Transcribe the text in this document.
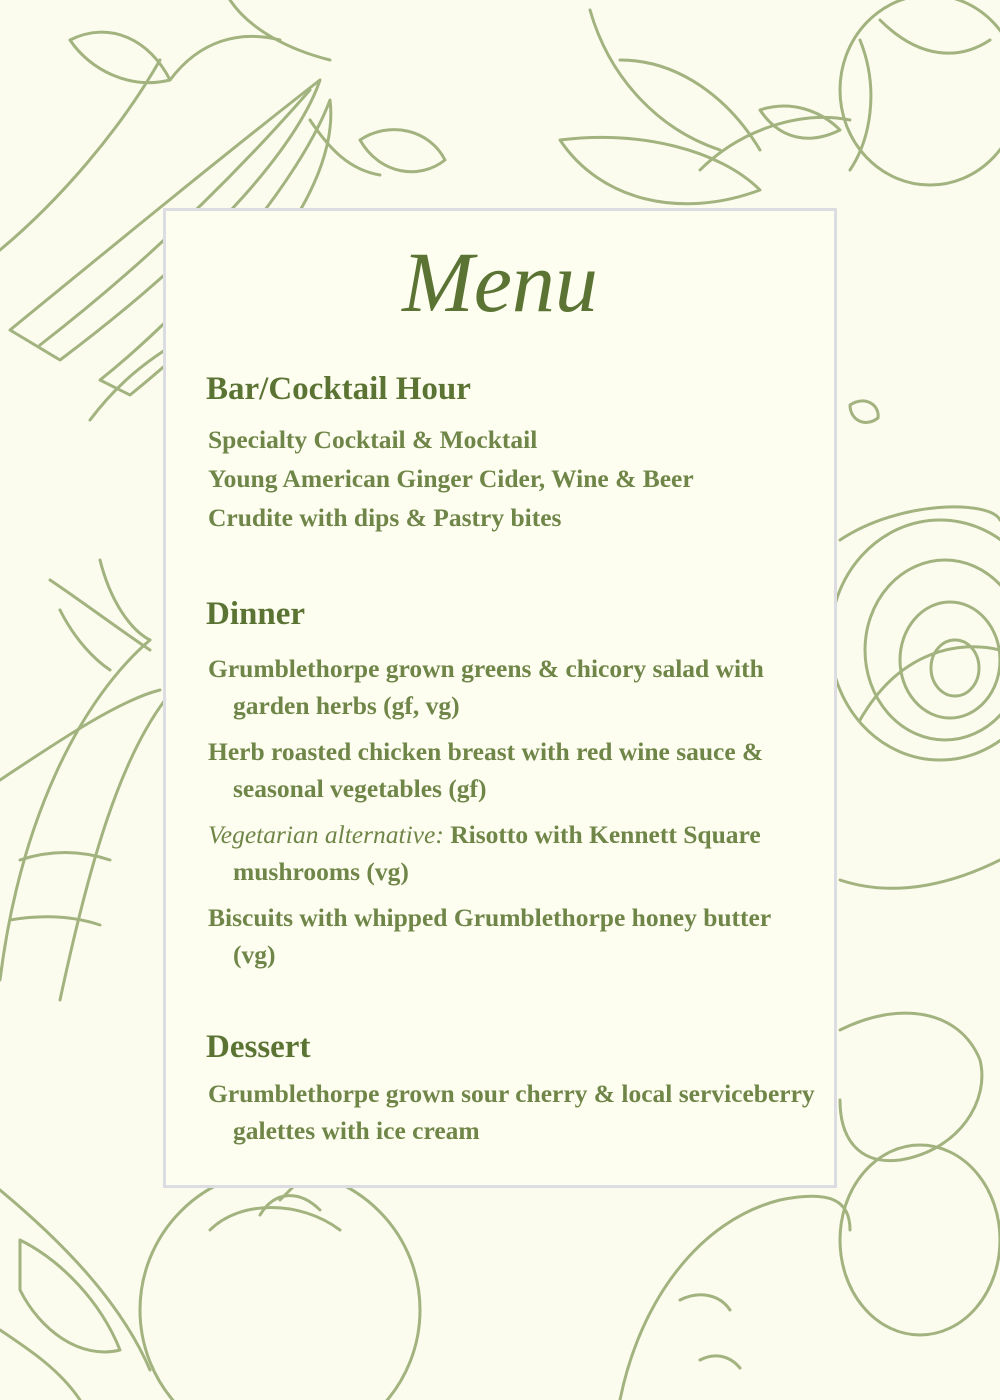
Menu
Bar/Cocktail Hour
Specialty Cocktail & Mocktail
Young American Ginger Cider, Wine & Beer
Crudite with dips & Pastry bites
Dinner
Grumblethorpe grown greens & chicory salad with garden herbs (gf, vg)
Herb roasted chicken breast with red wine sauce & seasonal vegetables (gf)
Vegetarian alternative: Risotto with Kennett Square mushrooms (vg)
Biscuits with whipped Grumblethorpe honey butter (vg)
Dessert
Grumblethorpe grown sour cherry & local serviceberry galettes with ice cream
